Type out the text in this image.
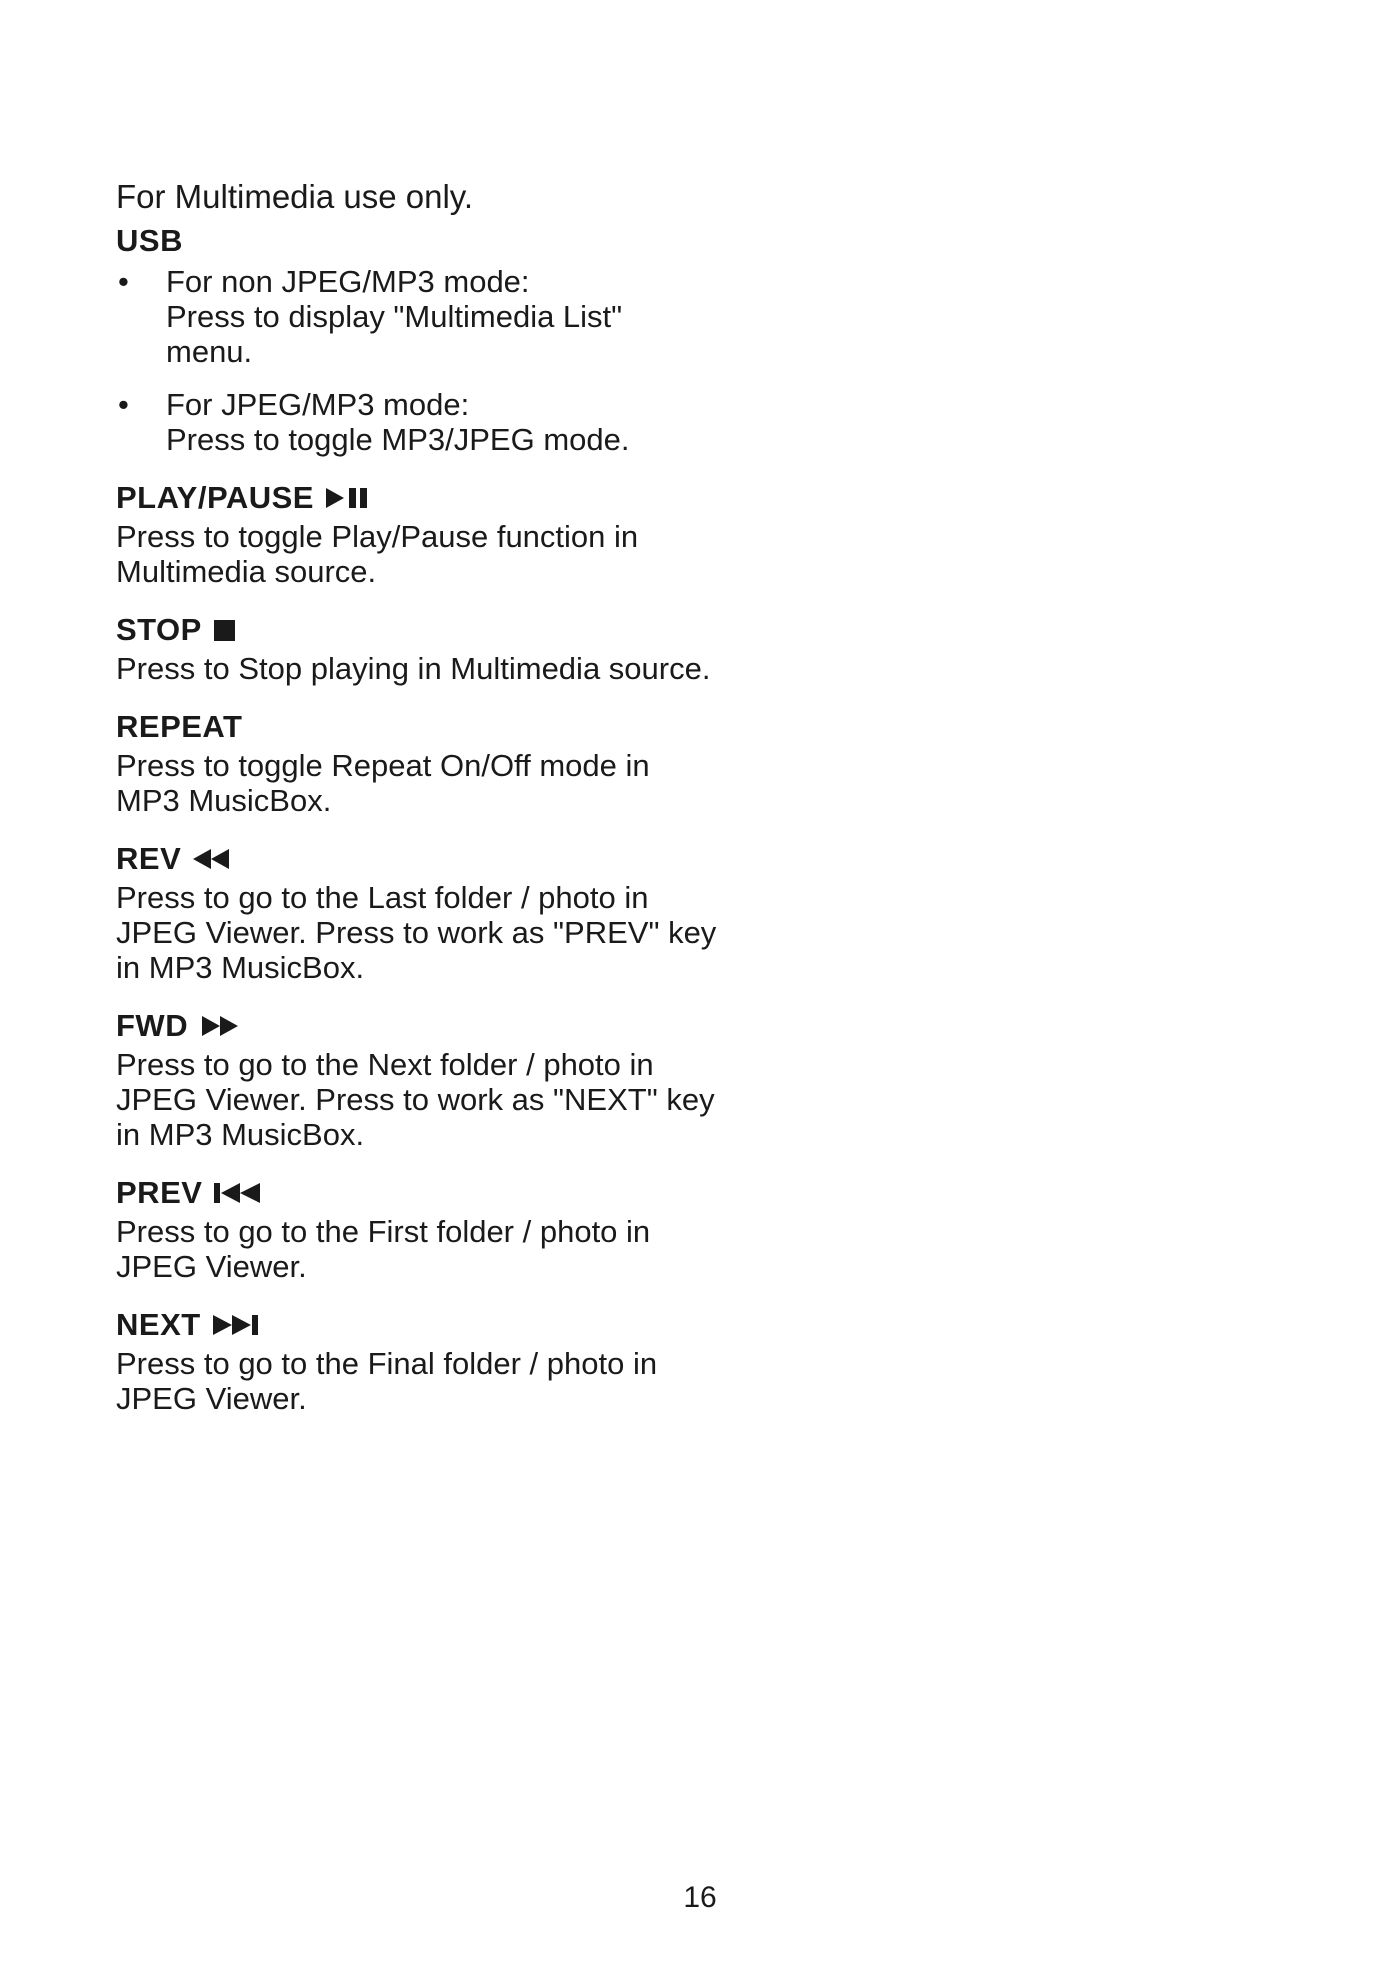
For Multimedia use only.

USB

• For non JPEG/MP3 mode:
Press to display "Multimedia List"
menu.
• For JPEG/MP3 mode:
Press to toggle MP3/JPEG mode.

PLAY/PAUSE

Press to toggle Play/Pause function in
Multimedia source.

STOP

Press to Stop playing in Multimedia source.

REPEAT

Press to toggle Repeat On/Off mode in
MP3 MusicBox.

REV

Press to go to the Last folder / photo in
JPEG Viewer. Press to work as "PREV" key
in MP3 MusicBox.

FWD

Press to go to the Next folder / photo in
JPEG Viewer. Press to work as "NEXT" key
in MP3 MusicBox.

PREV

Press to go to the First folder / photo in
JPEG Viewer.

NEXT

Press to go to the Final folder / photo in
JPEG Viewer.

16
